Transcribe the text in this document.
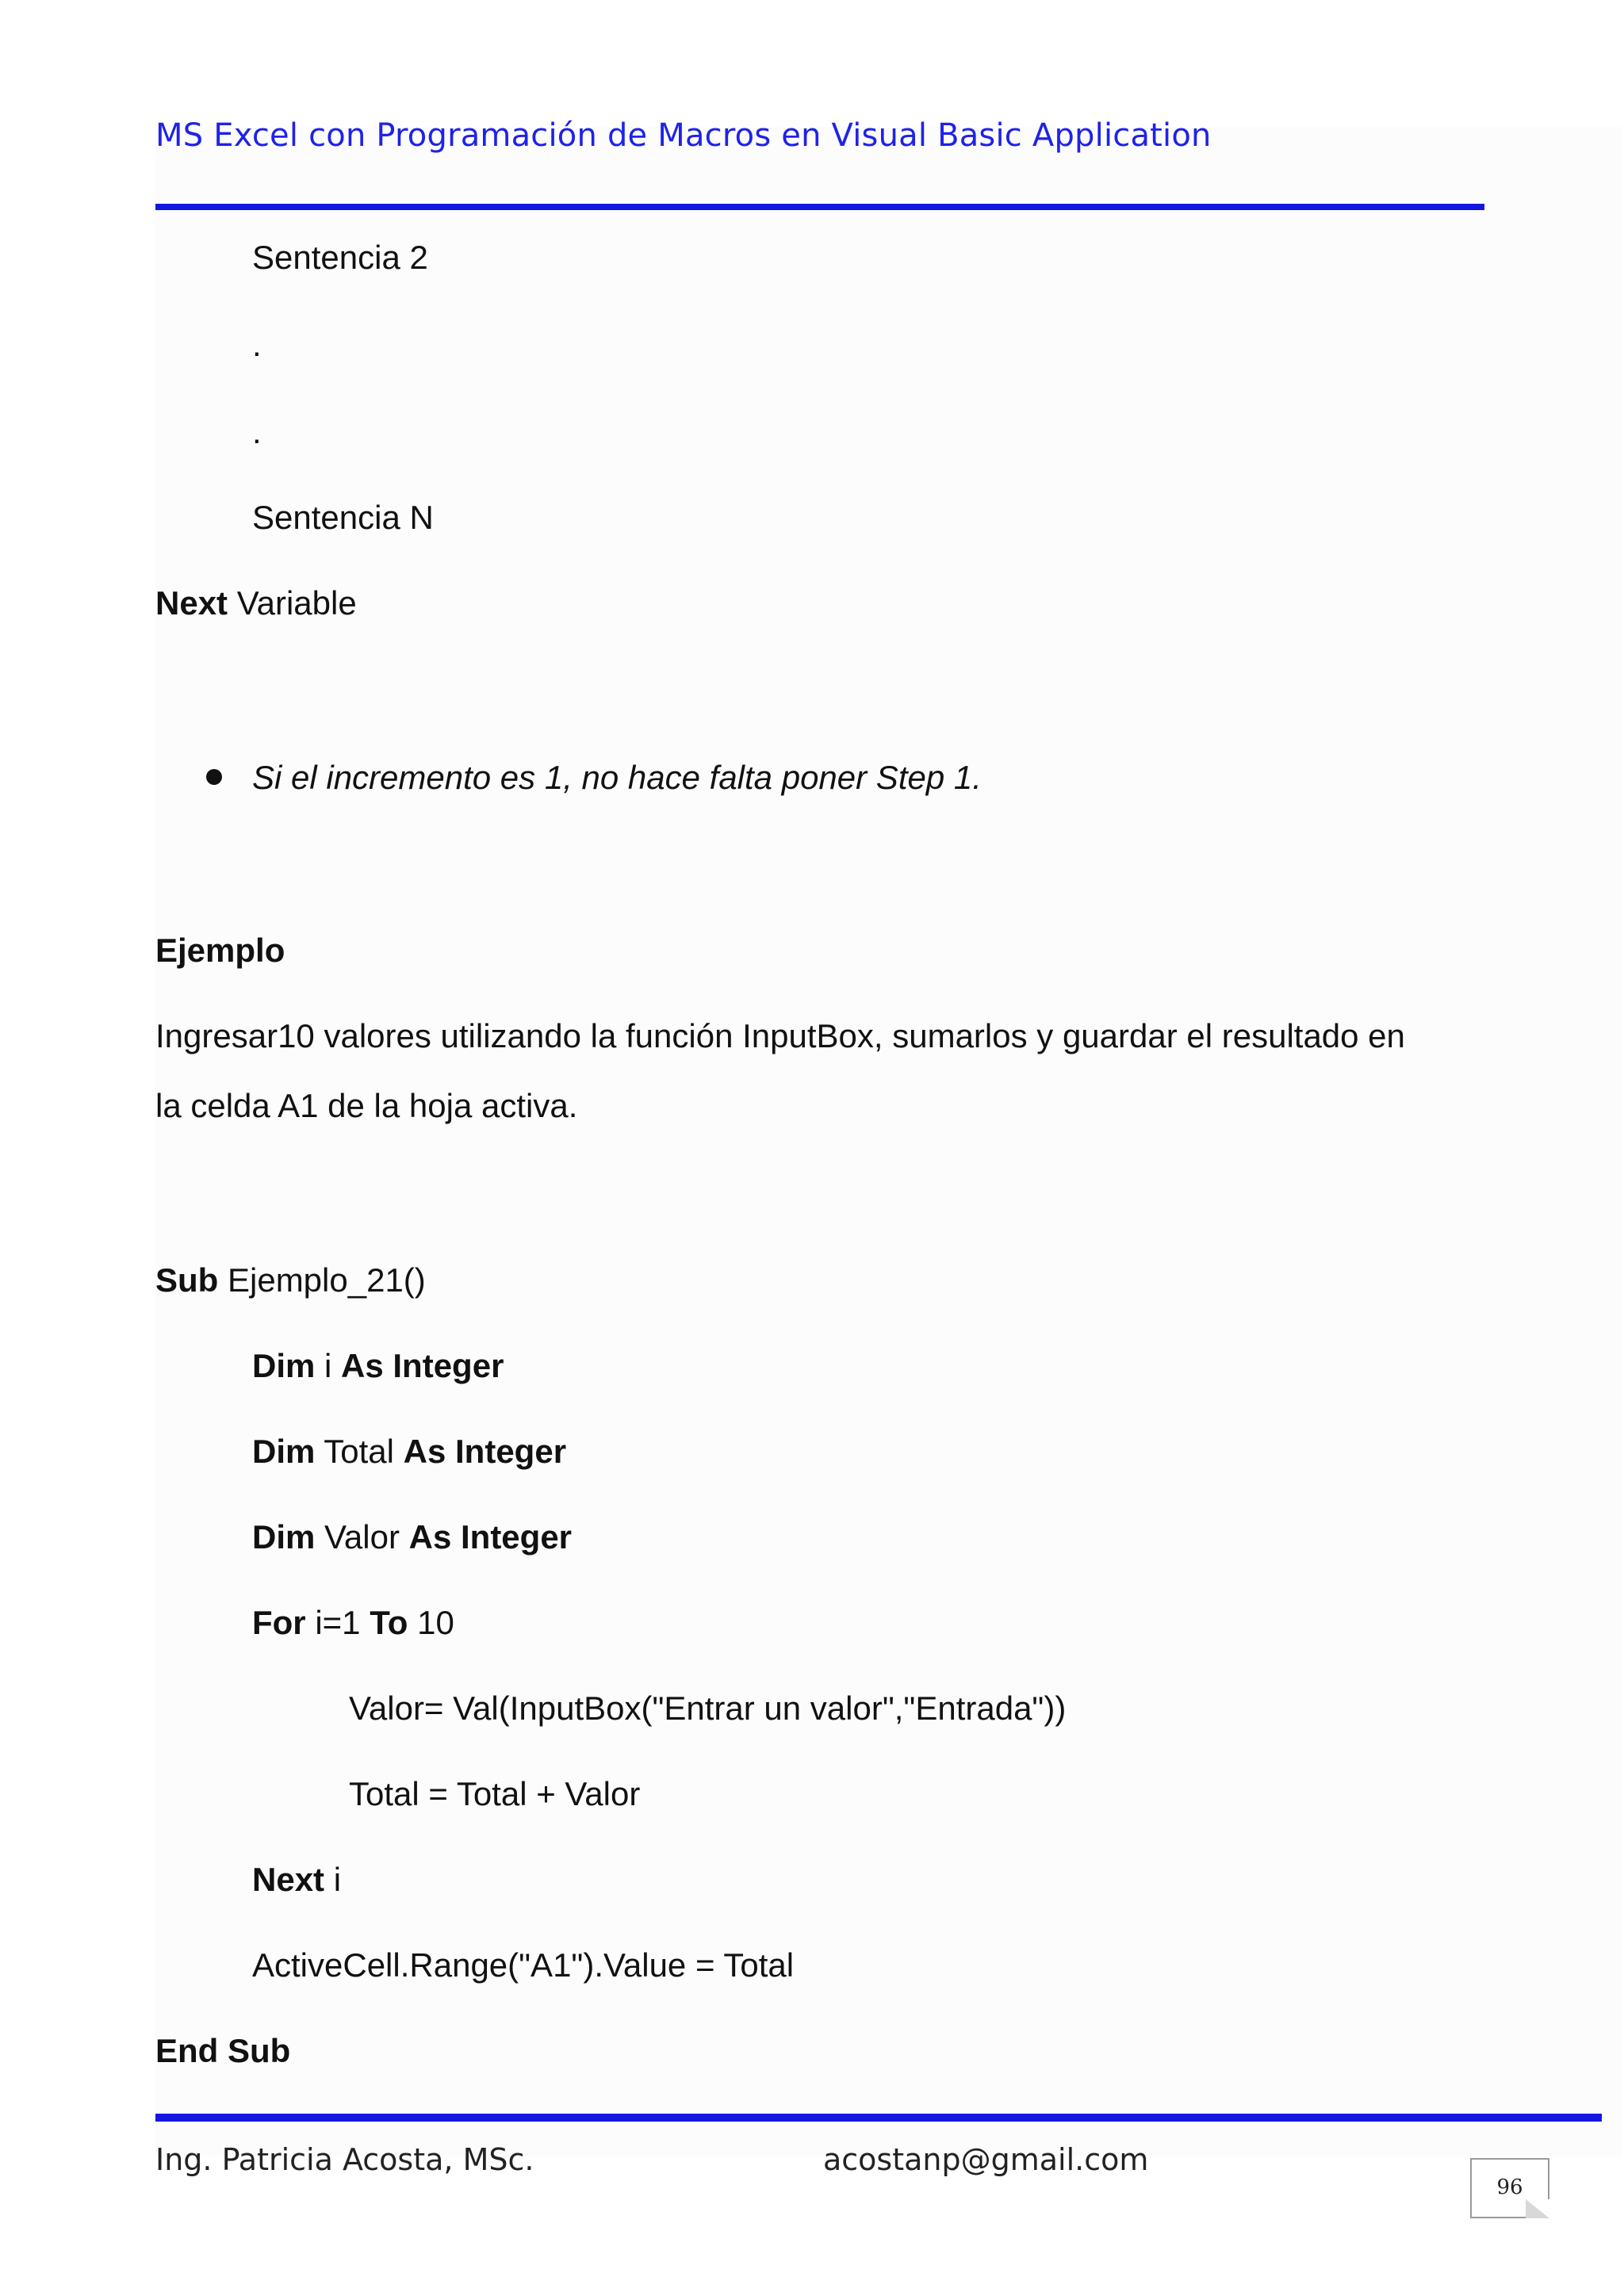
MS Excel con Programación de Macros en Visual Basic Application
Sentencia 2
.
.
Sentencia N
Next Variable
Si el incremento es 1, no hace falta poner Step 1.
Ejemplo
Ingresar10 valores utilizando la función InputBox, sumarlos y guardar el resultado en
la celda A1 de la hoja activa.
Sub Ejemplo_21()
Dim i As Integer
Dim Total As Integer
Dim Valor As Integer
For i=1 To 10
Valor= Val(InputBox("Entrar un valor","Entrada"))
Total = Total + Valor
Next i
ActiveCell.Range("A1").Value = Total
End Sub
Ing. Patricia Acosta, MSc.	acostanp@gmail.com
96
